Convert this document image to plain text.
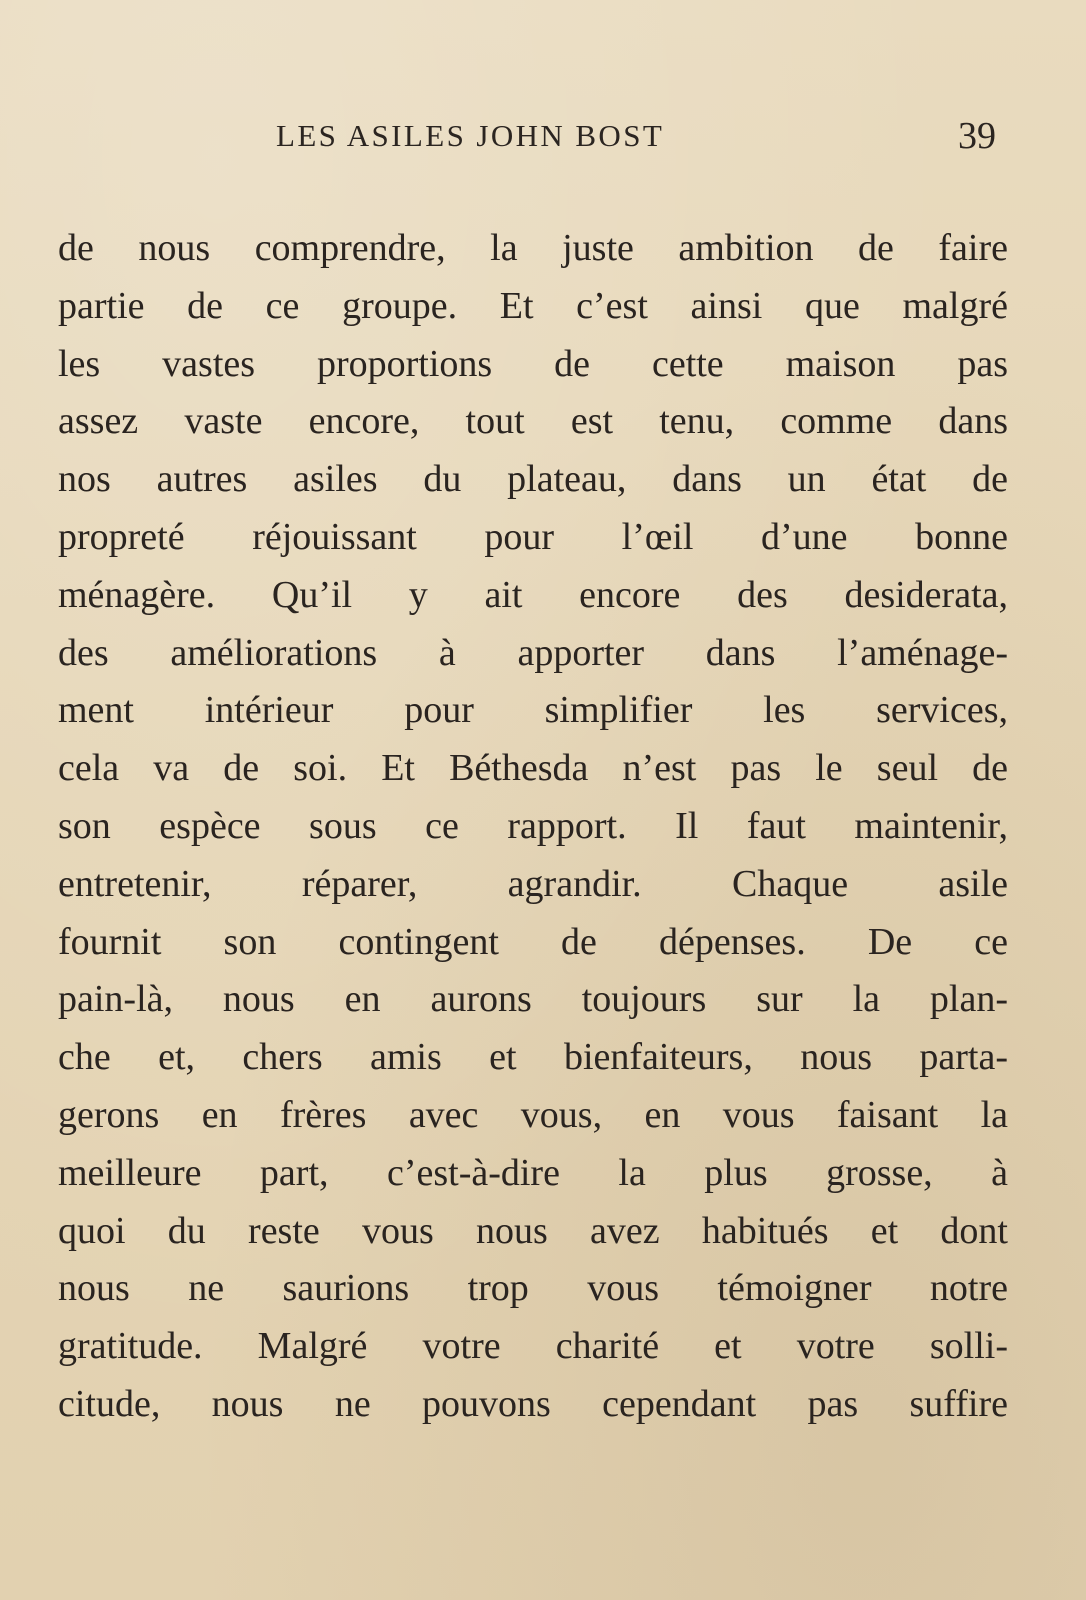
LES ASILES JOHN BOST	39
de nous comprendre, la juste ambition de faire
partie de ce groupe. Et c’est ainsi que malgré
les vastes proportions de cette maison pas
assez vaste encore, tout est tenu, comme dans
nos autres asiles du plateau, dans un état de
propreté réjouissant pour l’œil d’une bonne
ménagère. Qu’il y ait encore des desiderata,
des améliorations à apporter dans l’aménage-
ment intérieur pour simplifier les services,
cela va de soi. Et Béthesda n’est pas le seul de
son espèce sous ce rapport. Il faut maintenir,
entretenir, réparer, agrandir. Chaque asile
fournit son contingent de dépenses. De ce
pain-là, nous en aurons toujours sur la plan-
che et, chers amis et bienfaiteurs, nous parta-
gerons en frères avec vous, en vous faisant la
meilleure part, c’est-à-dire la plus grosse, à
quoi du reste vous nous avez habitués et dont
nous ne saurions trop vous témoigner notre
gratitude. Malgré votre charité et votre solli-
citude, nous ne pouvons cependant pas suffire
